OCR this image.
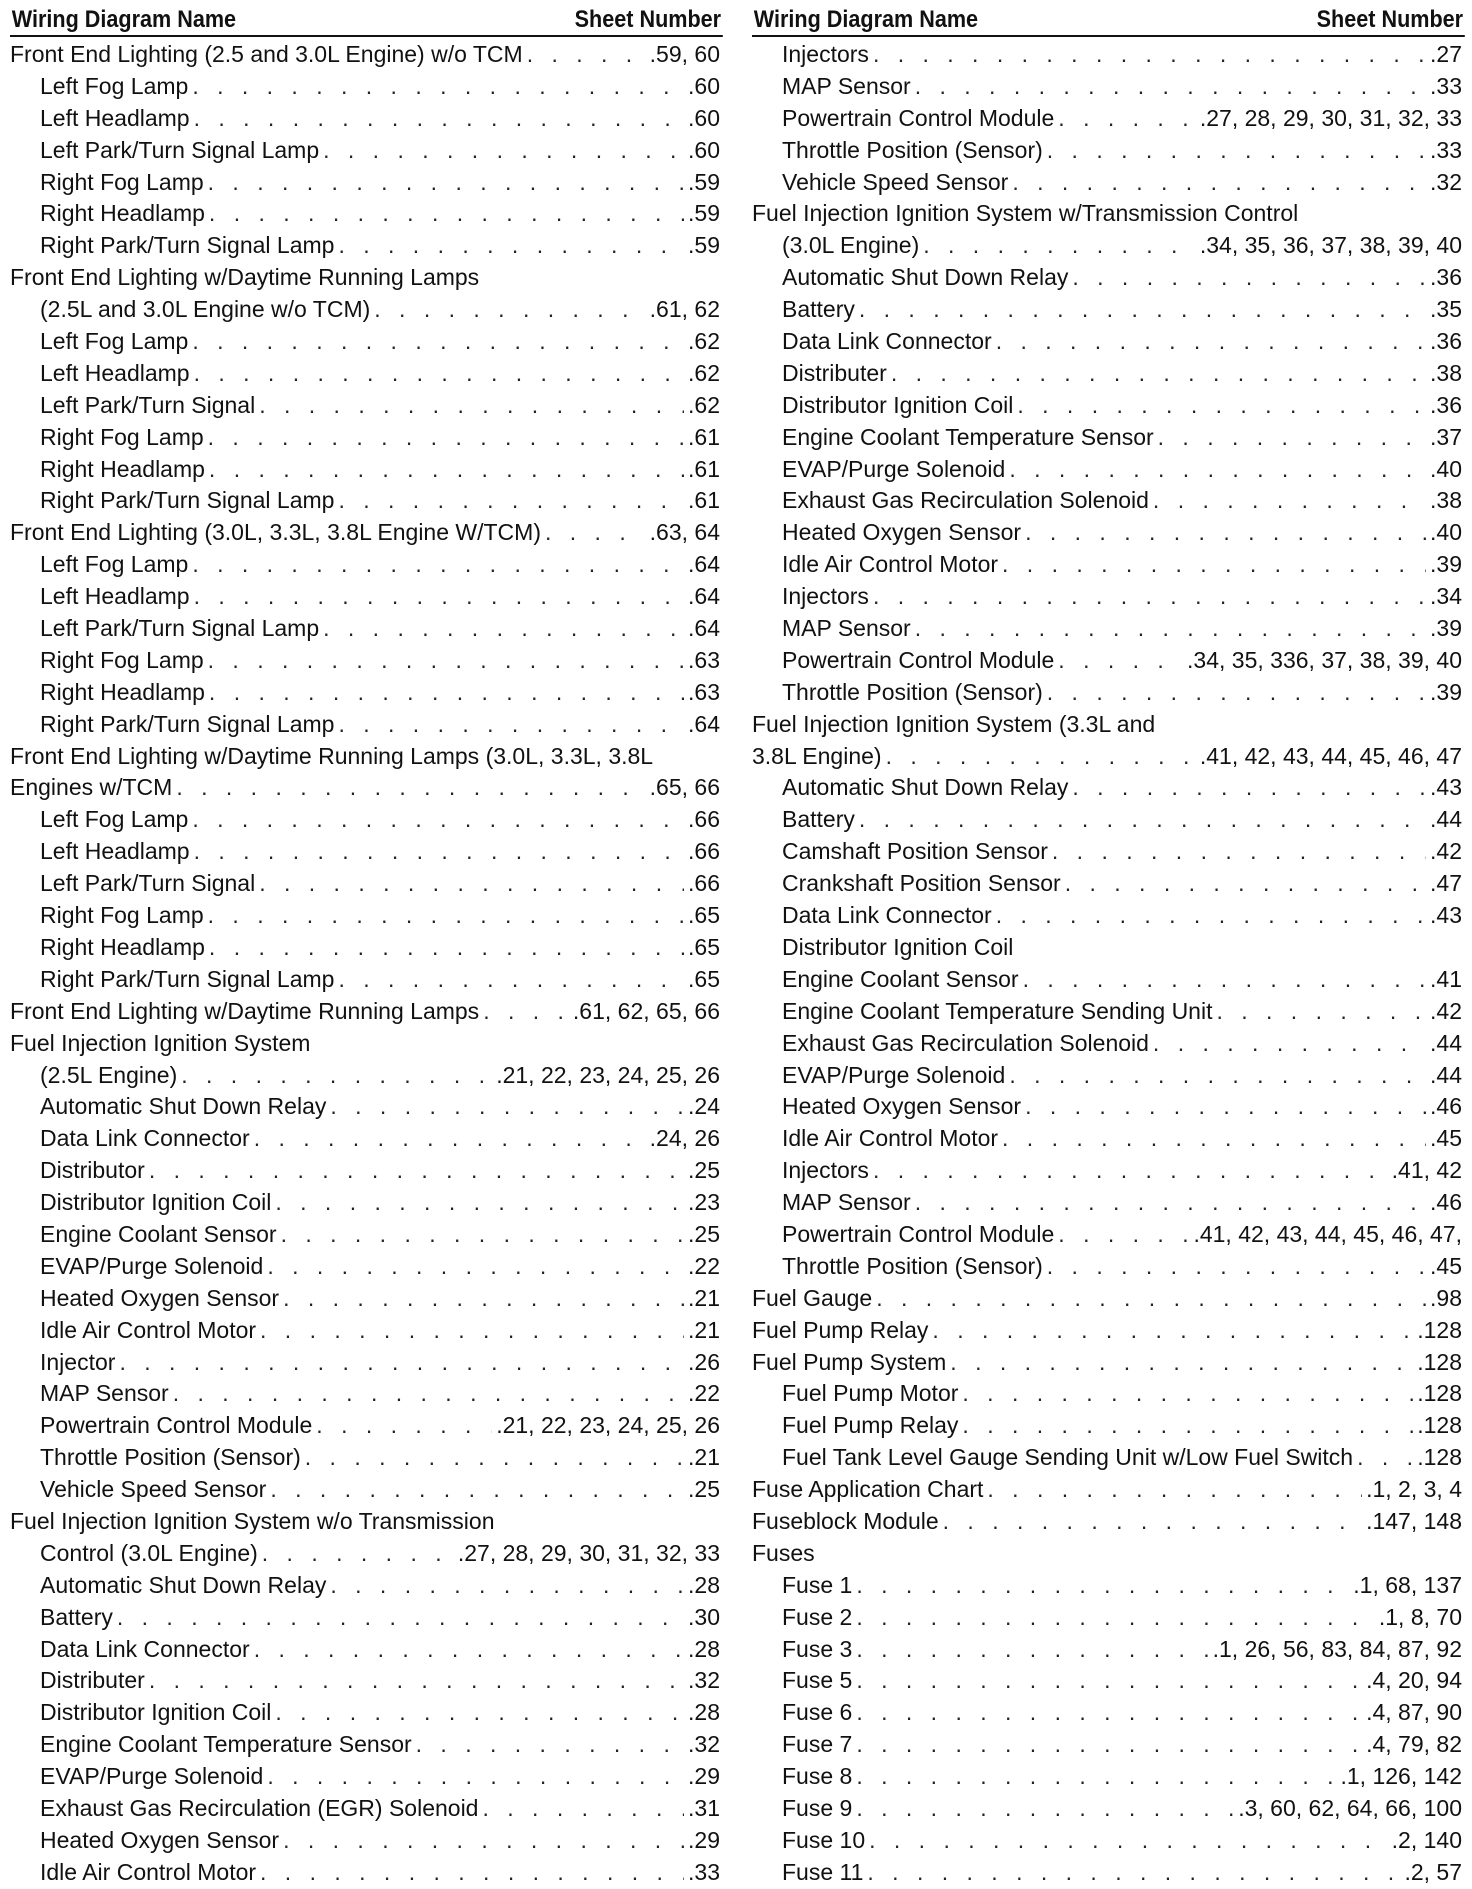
Wiring Diagram Name	Sheet Number
Front End Lighting (2.5 and 3.0L Engine) w/o TCM . . .	.59, 60
Left Fog Lamp . . .	.60
Left Headlamp . . .	.60
Left Park/Turn Signal Lamp . . .	.60
Right Fog Lamp . . .	.59
Right Headlamp . . .	.59
Right Park/Turn Signal Lamp . . .	.59
Front End Lighting w/Daytime Running Lamps
(2.5L and 3.0L Engine w/o TCM) . . .	.61, 62
Left Fog Lamp . . .	.62
Left Headlamp . . .	.62
Left Park/Turn Signal . . .	.62
Right Fog Lamp . . .	.61
Right Headlamp . . .	.61
Right Park/Turn Signal Lamp . . .	.61
Front End Lighting (3.0L, 3.3L, 3.8L Engine W/TCM) . . .	.63, 64
Left Fog Lamp . . .	.64
Left Headlamp . . .	.64
Left Park/Turn Signal Lamp . . .	.64
Right Fog Lamp . . .	.63
Right Headlamp . . .	.63
Right Park/Turn Signal Lamp . . .	.64
Front End Lighting w/Daytime Running Lamps (3.0L, 3.3L, 3.8L
Engines w/TCM . . .	.65, 66
Left Fog Lamp . . .	.66
Left Headlamp . . .	.66
Left Park/Turn Signal . . .	.66
Right Fog Lamp . . .	.65
Right Headlamp . . .	.65
Right Park/Turn Signal Lamp . . .	.65
Front End Lighting w/Daytime Running Lamps . . .	.61, 62, 65, 66
Fuel Injection Ignition System
(2.5L Engine) . . .	.21, 22, 23, 24, 25, 26
Automatic Shut Down Relay . . .	.24
Data Link Connector . . .	.24, 26
Distributor . . .	.25
Distributor Ignition Coil . . .	.23
Engine Coolant Sensor . . .	.25
EVAP/Purge Solenoid . . .	.22
Heated Oxygen Sensor . . .	.21
Idle Air Control Motor . . .	.21
Injector . . .	.26
MAP Sensor . . .	.22
Powertrain Control Module . . .	.21, 22, 23, 24, 25, 26
Throttle Position (Sensor) . . .	.21
Vehicle Speed Sensor . . .	.25
Fuel Injection Ignition System w/o Transmission
Control (3.0L Engine) . . .	.27, 28, 29, 30, 31, 32, 33
Automatic Shut Down Relay . . .	.28
Battery . . .	.30
Data Link Connector . . .	.28
Distributer . . .	.32
Distributor Ignition Coil . . .	.28
Engine Coolant Temperature Sensor . . .	.32
EVAP/Purge Solenoid . . .	.29
Exhaust Gas Recirculation (EGR) Solenoid . . .	.31
Heated Oxygen Sensor . . .	.29
Idle Air Control Motor . . .	.33
Wiring Diagram Name	Sheet Number
Injectors . . .	.27
MAP Sensor . . .	.33
Powertrain Control Module . . .	.27, 28, 29, 30, 31, 32, 33
Throttle Position (Sensor) . . .	.33
Vehicle Speed Sensor . . .	.32
Fuel Injection Ignition System w/Transmission Control
(3.0L Engine) . . .	.34, 35, 36, 37, 38, 39, 40
Automatic Shut Down Relay . . .	.36
Battery . . .	.35
Data Link Connector . . .	.36
Distributer . . .	.38
Distributor Ignition Coil . . .	.36
Engine Coolant Temperature Sensor . . .	.37
EVAP/Purge Solenoid . . .	.40
Exhaust Gas Recirculation Solenoid . . .	.38
Heated Oxygen Sensor . . .	.40
Idle Air Control Motor . . .	.39
Injectors . . .	.34
MAP Sensor . . .	.39
Powertrain Control Module . . .	.34, 35, 336, 37, 38, 39, 40
Throttle Position (Sensor) . . .	.39
Fuel Injection Ignition System (3.3L and
3.8L Engine) . . .	.41, 42, 43, 44, 45, 46, 47
Automatic Shut Down Relay . . .	.43
Battery . . .	.44
Camshaft Position Sensor . . .	.42
Crankshaft Position Sensor . . .	.47
Data Link Connector . . .	.43
Distributor Ignition Coil
Engine Coolant Sensor . . .	.41
Engine Coolant Temperature Sending Unit . . .	.42
Exhaust Gas Recirculation Solenoid . . .	.44
EVAP/Purge Solenoid . . .	.44
Heated Oxygen Sensor . . .	.46
Idle Air Control Motor . . .	.45
Injectors . . .	.41, 42
MAP Sensor . . .	.46
Powertrain Control Module . . .	.41, 42, 43, 44, 45, 46, 47,
Throttle Position (Sensor) . . .	.45
Fuel Gauge . . .	.98
Fuel Pump Relay . . .	.128
Fuel Pump System . . .	.128
Fuel Pump Motor . . .	.128
Fuel Pump Relay . . .	.128
Fuel Tank Level Gauge Sending Unit w/Low Fuel Switch . . .	.128
Fuse Application Chart . . .	.1, 2, 3, 4
Fuseblock Module . . .	.147, 148
Fuses
Fuse 1 . . .	.1, 68, 137
Fuse 2 . . .	.1, 8, 70
Fuse 3 . . .	.1, 26, 56, 83, 84, 87, 92
Fuse 5 . . .	.4, 20, 94
Fuse 6 . . .	.4, 87, 90
Fuse 7 . . .	.4, 79, 82
Fuse 8 . . .	.1, 126, 142
Fuse 9 . . .	.3, 60, 62, 64, 66, 100
Fuse 10 . . .	.2, 140
Fuse 11 . . .	.2, 57
